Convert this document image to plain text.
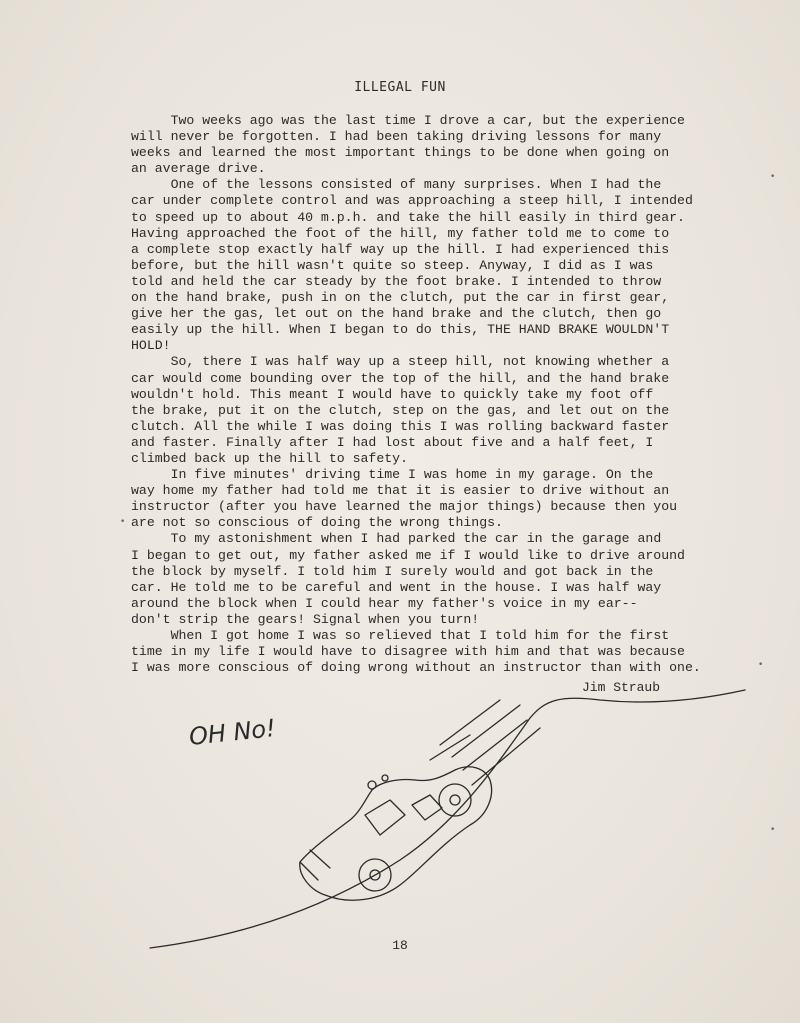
ILLEGAL FUN

Two weeks ago was the last time I drove a car, but the experience
will never be forgotten. I had been taking driving lessons for many
weeks and learned the most important things to be done when going on
an average drive.

One of the lessons consisted of many surprises. When I had the
car under complete control and was approaching a steep hill, I intended
to speed up to about 40 m.p.h. and take the hill easily in third gear.
Having approached the foot of the hill, my father told me to come to
a complete stop exactly half way up the hill. I had experienced this
before, but the hill wasn't quite so steep. Anyway, I did as I was
told and held the car steady by the foot brake. I intended to throw
on the hand brake, push in on the clutch, put the car in first gear,
give her the gas, let out on the hand brake and the clutch, then go
easily up the hill. When I began to do this, THE HAND BRAKE WOULDN'T
HOLD!

So, there I was half way up a steep hill, not knowing whether a
car would come bounding over the top of the hill, and the hand brake
wouldn't hold. This meant I would have to quickly take my foot off
the brake, put it on the clutch, step on the gas, and let out on the
clutch. All the while I was doing this I was rolling backward faster
and faster. Finally after I had lost about five and a half feet, I
climbed back up the hill to safety.

In five minutes' driving time I was home in my garage. On the
way home my father had told me that it is easier to drive without an
instructor (after you have learned the major things) because then you
are not so conscious of doing the wrong things.

To my astonishment when I had parked the car in the garage and
I began to get out, my father asked me if I would like to drive around
the block by myself. I told him I surely would and got back in the
car. He told me to be careful and went in the house. I was half way
around the block when I could hear my father's voice in my ear--
don't strip the gears! Signal when you turn!

When I got home I was so relieved that I told him for the first
time in my life I would have to disagree with him and that was because
I was more conscious of doing wrong without an instructor than with one.

Jim Straub
OH No!
18
•
•
•
•
